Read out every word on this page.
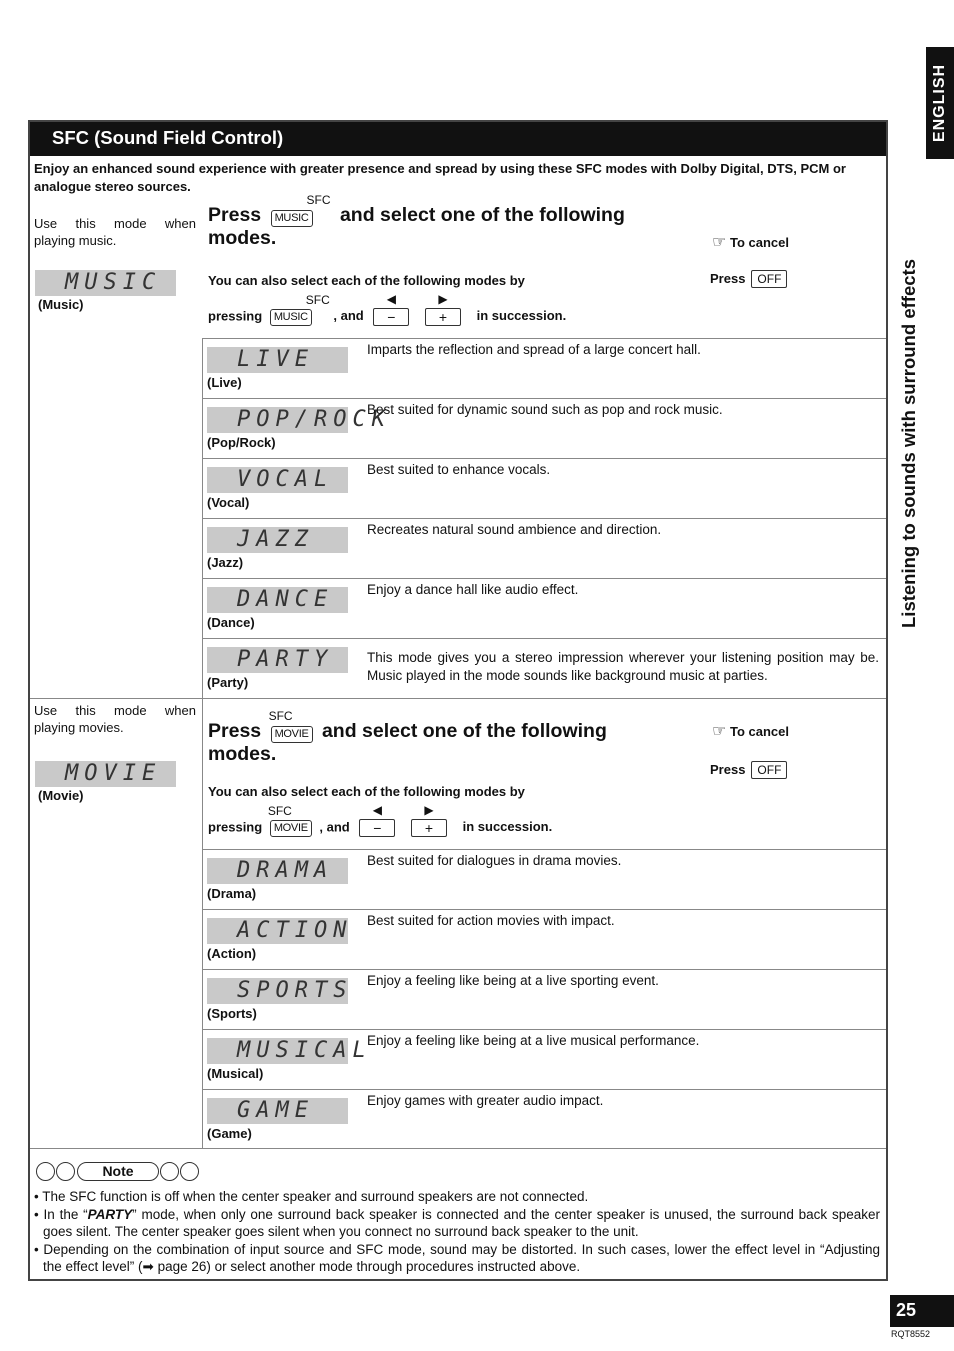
ENGLISH
Listening to sounds with surround effects
SFC (Sound Field Control)
Enjoy an enhanced sound experience with greater presence and spread by using these SFC modes with Dolby Digital, DTS, PCM or analogue stereo sources.
Use this mode when playing music.
MUSIC
(Music)
Press
SFC
MUSIC and select one of the following modes.	☞ To cancel
Press OFF
You can also select each of the following modes by
pressing
SFC
MUSIC , and
◀
−
▶
+ in succession.
LIVE
(Live)
Imparts the reflection and spread of a large concert hall.
POP/ROCK
(Pop/Rock)
Best suited for dynamic sound such as pop and rock music.
VOCAL
(Vocal)
Best suited to enhance vocals.
JAZZ
(Jazz)
Recreates natural sound ambience and direction.
DANCE
(Dance)
Enjoy a dance hall like audio effect.
PARTY
(Party)
This mode gives you a stereo impression wherever your listening position may be. Music played in the mode sounds like background music at parties.
Use this mode when playing movies.
MOVIE
(Movie)
Press
SFC
MOVIE and select one of the following modes.
☞ To cancel
Press OFF
You can also select each of the following modes by
pressing
SFC
MOVIE , and
◀
−
▶
+ in succession.
DRAMA
(Drama)
Best suited for dialogues in drama movies.
ACTION
(Action)
Best suited for action movies with impact.
SPORTS
(Sports)
Enjoy a feeling like being at a live sporting event.
MUSICAL
(Musical)
Enjoy a feeling like being at a live musical performance.
GAME
(Game)
Enjoy games with greater audio impact.
Note

• The SFC function is off when the center speaker and surround speakers are not connected.

• In the “PARTY” mode, when only one surround back speaker is connected and the center speaker is unused, the surround back speaker goes silent. The center speaker goes silent when you connect no surround back speaker to the unit.

• Depending on the combination of input source and SFC mode, sound may be distorted. In such cases, lower the effect level in “Adjusting the effect level” (➡ page 26) or select another mode through procedures instructed above.

25
RQT8552
